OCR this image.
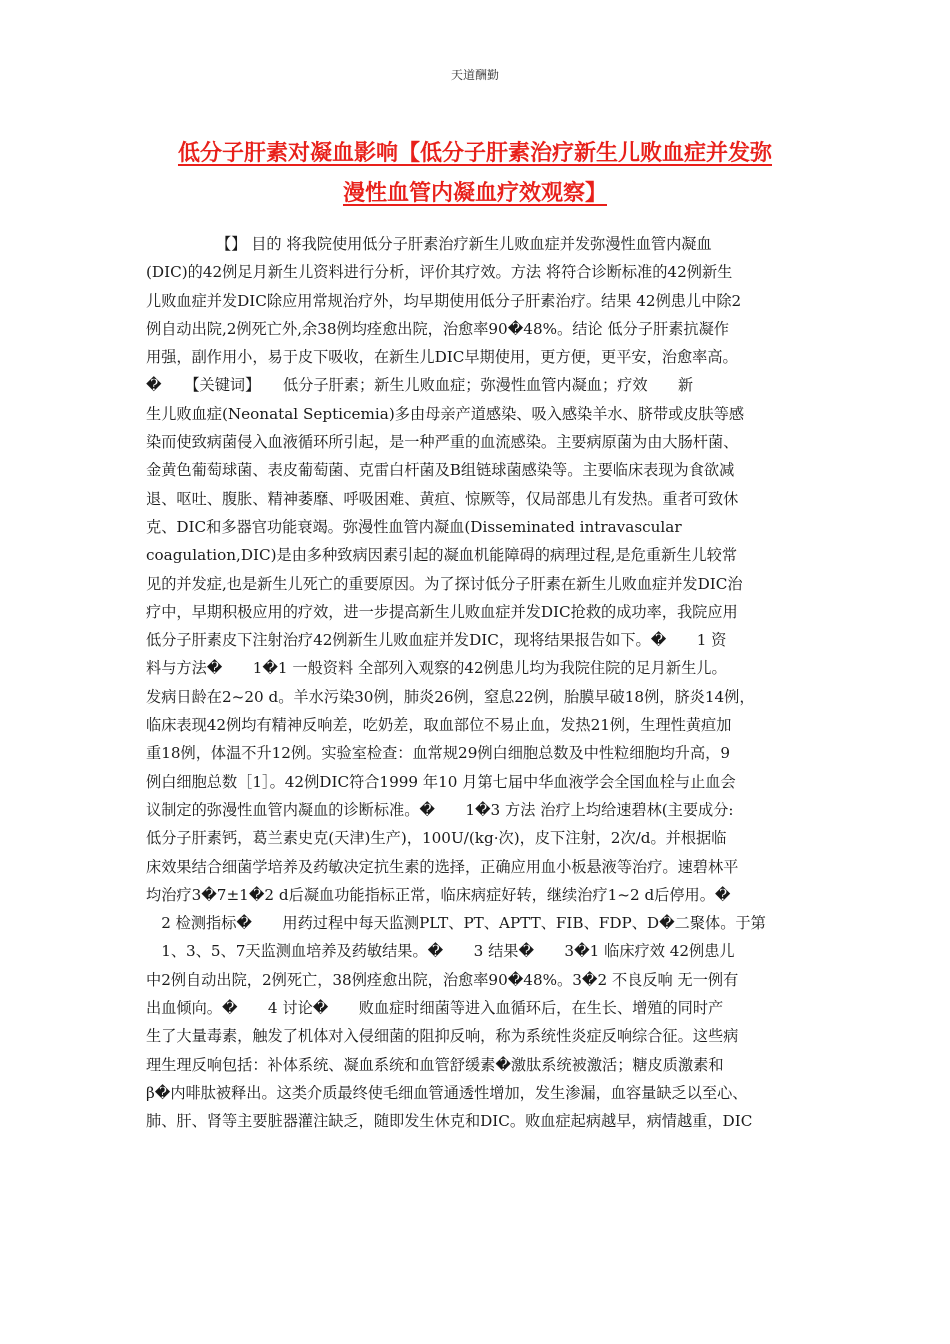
天道酬勤
低分子肝素对凝血影响【低分子肝素治疗新生儿败血症并发弥
漫性血管内凝血疗效观察】
【】 目的 将我院使用低分子肝素治疗新生儿败血症并发弥漫性血管内凝血
(DIC)的42例足月新生儿资料进行分析，评价其疗效。方法 将符合诊断标准的42例新生
儿败血症并发DIC除应用常规治疗外，均早期使用低分子肝素治疗。结果 42例患儿中除2
例自动出院,2例死亡外,余38例均痊愈出院，治愈率90�48%。结论 低分子肝素抗凝作
用强，副作用小，易于皮下吸收，在新生儿DIC早期使用，更方便，更平安，治愈率高。
�　　【关键词】　　低分子肝素；新生儿败血症；弥漫性血管内凝血；疗效　　新
生儿败血症(Neonatal Septicemia)多由母亲产道感染、吸入感染羊水、脐带或皮肤等感
染而使致病菌侵入血液循环所引起，是一种严重的血流感染。主要病原菌为由大肠杆菌、
金黄色葡萄球菌、表皮葡萄菌、克雷白杆菌及B组链球菌感染等。主要临床表现为食欲减
退、呕吐、腹胀、精神萎靡、呼吸困难、黄疸、惊厥等，仅局部患儿有发热。重者可致休
克、DIC和多器官功能衰竭。弥漫性血管内凝血(Disseminated intravascular
coagulation,DIC)是由多种致病因素引起的凝血机能障碍的病理过程,是危重新生儿较常
见的并发症,也是新生儿死亡的重要原因。为了探讨低分子肝素在新生儿败血症并发DIC治
疗中，早期积极应用的疗效，进一步提高新生儿败血症并发DIC抢救的成功率，我院应用
低分子肝素皮下注射治疗42例新生儿败血症并发DIC，现将结果报告如下。�　　1 资
料与方法�　　1�1 一般资料 全部列入观察的42例患儿均为我院住院的足月新生儿。
发病日龄在2~20 d。羊水污染30例，肺炎26例，窒息22例，胎膜早破18例，脐炎14例，
临床表现42例均有精神反响差，吃奶差，取血部位不易止血，发热21例，生理性黄疸加
重18例，体温不升12例。实验室检查：血常规29例白细胞总数及中性粒细胞均升高，9
例白细胞总数［1］。42例DIC符合1999 年10 月第七届中华血液学会全国血栓与止血会
议制定的弥漫性血管内凝血的诊断标准。�　　1�3 方法 治疗上均给速碧林(主要成分:
低分子肝素钙，葛兰素史克(天津)生产)，100U/(kg·次)，皮下注射，2次/d。并根据临
床效果结合细菌学培养及药敏决定抗生素的选择，正确应用血小板悬液等治疗。速碧林平
均治疗3�7±1�2 d后凝血功能指标正常，临床病症好转，继续治疗1~2 d后停用。�
　2 检测指标�　　用药过程中每天监测PLT、PT、APTT、FIB、FDP、D�二聚体。于第
　1、3、5、7天监测血培养及药敏结果。�　　3 结果�　　3�1 临床疗效 42例患儿
中2例自动出院，2例死亡，38例痊愈出院，治愈率90�48%。3�2 不良反响 无一例有
出血倾向。�　　4 讨论�　　败血症时细菌等进入血循环后，在生长、增殖的同时产
生了大量毒素，触发了机体对入侵细菌的阻抑反响，称为系统性炎症反响综合征。这些病
理生理反响包括：补体系统、凝血系统和血管舒缓素�激肽系统被激活；糖皮质激素和
β�内啡肽被释出。这类介质最终使毛细血管通透性增加，发生渗漏，血容量缺乏以至心、
肺、肝、肾等主要脏器灌注缺乏，随即发生休克和DIC。败血症起病越早，病情越重，DIC
